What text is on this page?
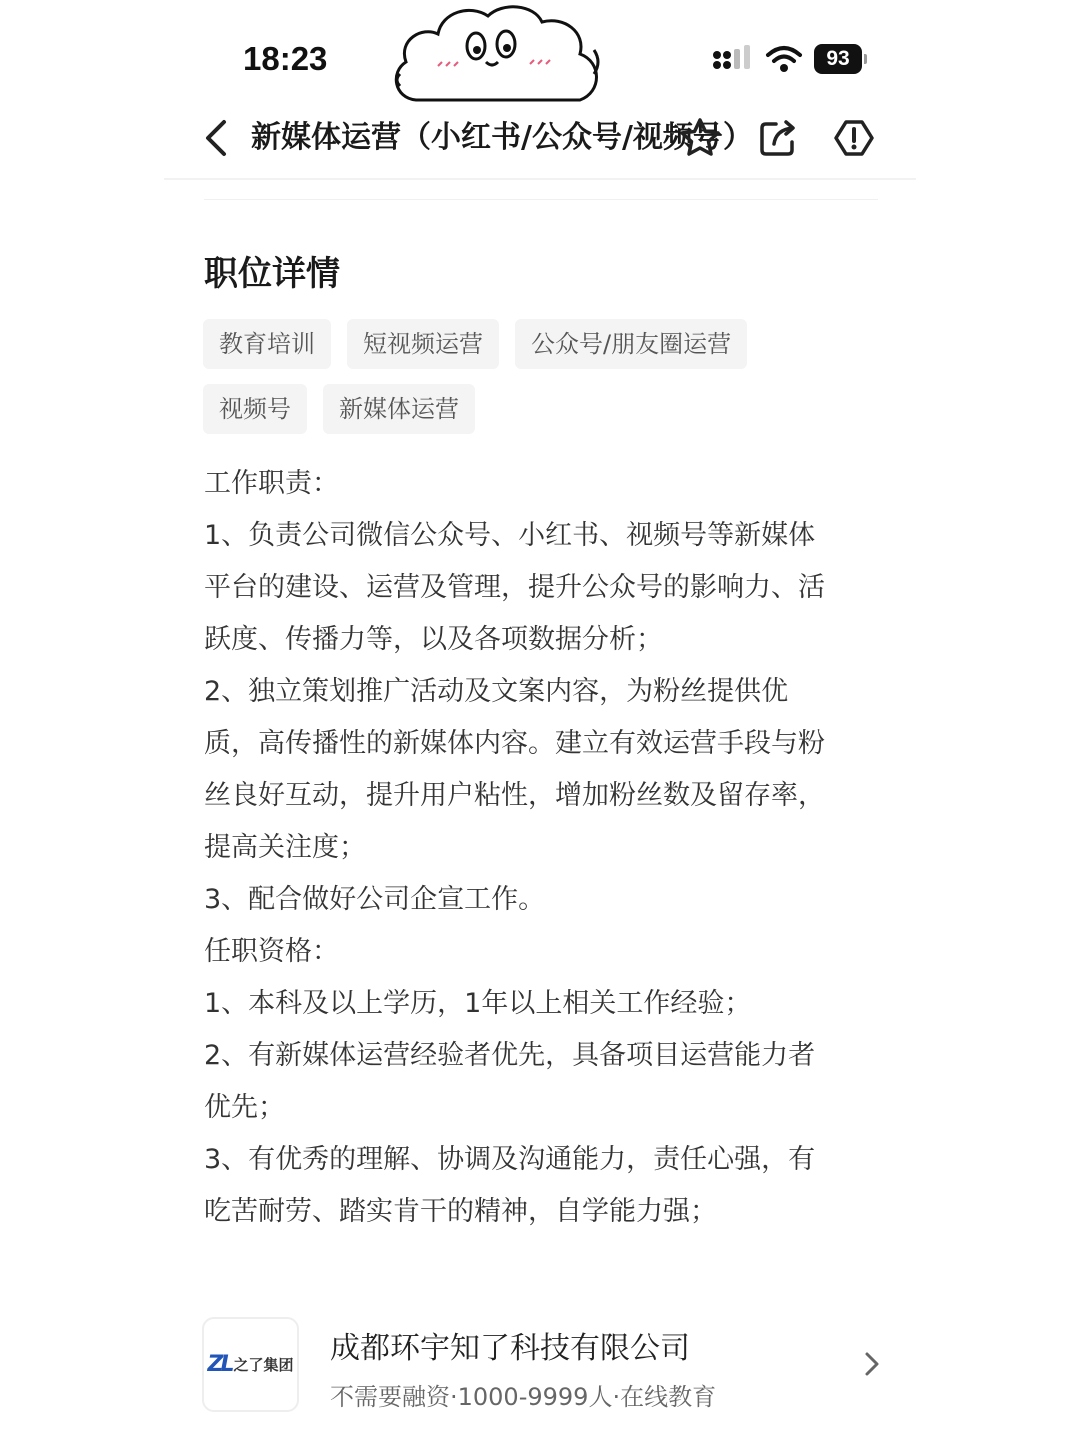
18:23	93
新媒体运营（小红书/公众号/视频号）
职位详情
教育培训	短视频运营	公众号/朋友圈运营
视频号	新媒体运营
工作职责：
1、负责公司微信公众号、小红书、视频号等新媒体
平台的建设、运营及管理，提升公众号的影响力、活
跃度、传播力等，以及各项数据分析；
2、独立策划推广活动及文案内容，为粉丝提供优
质，高传播性的新媒体内容。建立有效运营手段与粉
丝良好互动，提升用户粘性，增加粉丝数及留存率，
提高关注度；
3、配合做好公司企宣工作。
任职资格：
1、本科及以上学历，1年以上相关工作经验；
2、有新媒体运营经验者优先，具备项目运营能力者
优先；
3、有优秀的理解、协调及沟通能力，责任心强，有
吃苦耐劳、踏实肯干的精神，自学能力强；
ZL 之了集团 成都环宇知了科技有限公司
不需要融资·1000-9999人·在线教育
